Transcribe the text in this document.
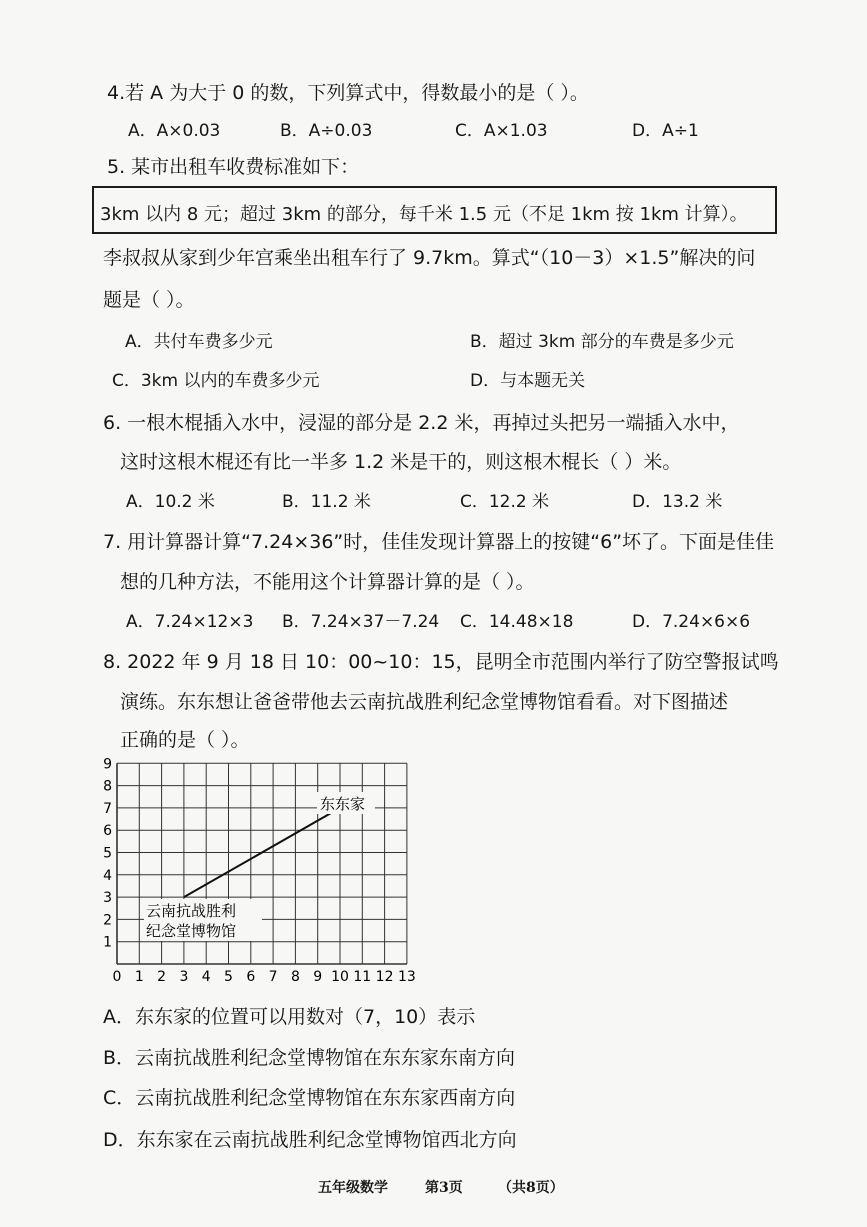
4.若 A 为大于 0 的数，下列算式中，得数最小的是（ ）。
A．A×0.03	B．A÷0.03	C．A×1.03	D．A÷1
5. 某市出租车收费标准如下：
3km 以内 8 元；超过 3km 的部分，每千米 1.5 元（不足 1km 按 1km 计算）。
李叔叔从家到少年宫乘坐出租车行了 9.7km。算式“（10－3）×1.5”解决的问
题是（ ）。
A．共付车费多少元	B．超过 3km 部分的车费是多少元
C．3km 以内的车费多少元	D．与本题无关
6. 一根木棍插入水中，浸湿的部分是 2.2 米，再掉过头把另一端插入水中，
这时这根木棍还有比一半多 1.2 米是干的，则这根木棍长（ ）米。
A．10.2 米	B．11.2 米	C．12.2 米	D．13.2 米
7. 用计算器计算“7.24×36”时，佳佳发现计算器上的按键“6”坏了。下面是佳佳
想的几种方法，不能用这个计算器计算的是（ ）。
A．7.24×12×3 B．7.24×37－7.24 C．14.48×18	D．7.24×6×6
8. 2022 年 9 月 18 日 10：00~10：15，昆明全市范围内举行了防空警报试鸣
演练。东东想让爸爸带他去云南抗战胜利纪念堂博物馆看看。对下图描述
正确的是（ ）。
0 1 2 3 4 5 6 7 8 9 10 11 12 13
1
2
3
4
5
6
7
8
9
东东家
云南抗战胜利
纪念堂博物馆
A．东东家的位置可以用数对（7，10）表示
B．云南抗战胜利纪念堂博物馆在东东家东南方向
C．云南抗战胜利纪念堂博物馆在东东家西南方向
D．东东家在云南抗战胜利纪念堂博物馆西北方向
五年级数学	第3页	（共8页）
